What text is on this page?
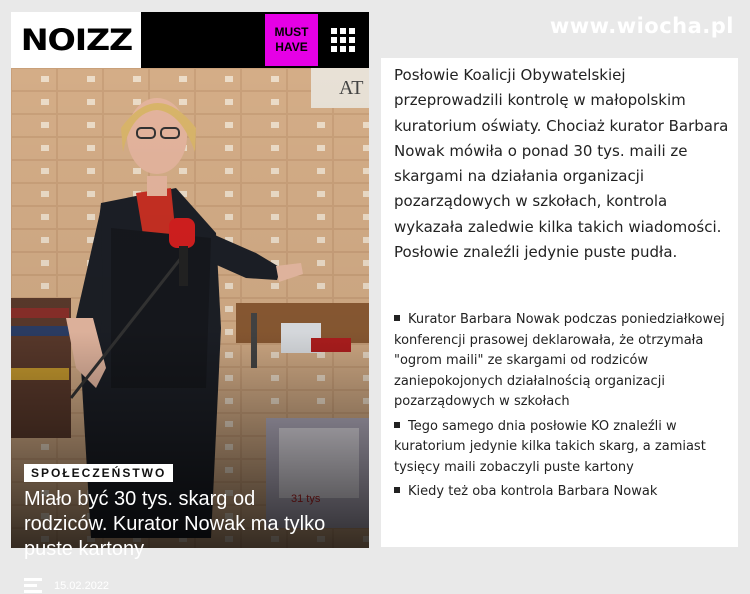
NOIZZ	MUST
HAVE
SPOŁECZEŃSTWO
Miało być 30 tys. skarg od rodziców. Kurator Nowak ma tylko puste kartony
15.02.2022
www.wiocha.pl
Posłowie Koalicji Obywatelskiej przeprowadzili kontrolę w małopolskim kuratorium oświaty. Chociaż kurator Barbara Nowak mówiła o ponad 30 tys. maili ze skargami na działania organizacji pozarządowych w szkołach, kontrola wykazała zaledwie kilka takich wiadomości. Posłowie znaleźli jedynie puste pudła.
Kurator Barbara Nowak podczas poniedziałkowej konferencji prasowej deklarowała, że otrzymała "ogrom maili" ze skargami od rodziców zaniepokojonych działalnością organizacji pozarządowych w szkołach
Tego samego dnia posłowie KO znaleźli w kuratorium jedynie kilka takich skarg, a zamiast tysięcy maili zobaczyli puste kartony
Kiedy też oba kontrola Barbara Nowak
